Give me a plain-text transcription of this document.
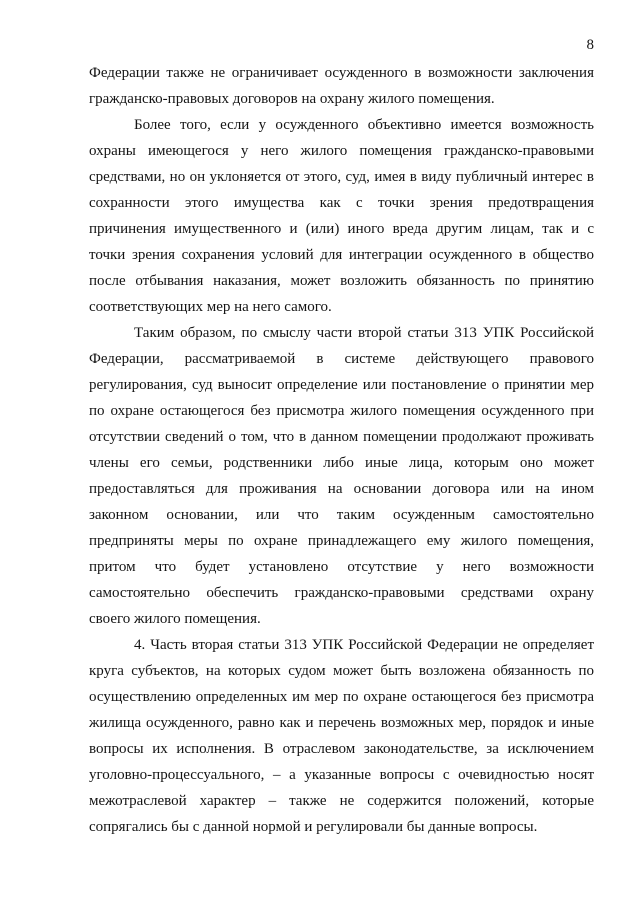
8

Федерации также не ограничивает осужденного в возможности заключения

гражданско-правовых договоров на охрану жилого помещения.

Более того, если у осужденного объективно имеется возможность

охраны имеющегося у него жилого помещения гражданско-правовыми

средствами, но он уклоняется от этого, суд, имея в виду публичный интерес в

сохранности этого имущества как с точки зрения предотвращения

причинения имущественного и (или) иного вреда другим лицам, так и с

точки зрения сохранения условий для интеграции осужденного в общество

после отбывания наказания, может возложить обязанность по принятию

соответствующих мер на него самого.

Таким образом, по смыслу части второй статьи 313 УПК Российской

Федерации, рассматриваемой в системе действующего правового

регулирования, суд выносит определение или постановление о принятии мер

по охране остающегося без присмотра жилого помещения осужденного при

отсутствии сведений о том, что в данном помещении продолжают проживать

члены его семьи, родственники либо иные лица, которым оно может

предоставляться для проживания на основании договора или на ином

законном основании, или что таким осужденным самостоятельно

предприняты меры по охране принадлежащего ему жилого помещения,

притом что будет установлено отсутствие у него возможности

самостоятельно обеспечить гражданско-правовыми средствами охрану

своего жилого помещения.

4. Часть вторая статьи 313 УПК Российской Федерации не определяет

круга субъектов, на которых судом может быть возложена обязанность по

осуществлению определенных им мер по охране остающегося без присмотра

жилища осужденного, равно как и перечень возможных мер, порядок и иные

вопросы их исполнения. В отраслевом законодательстве, за исключением

уголовно-процессуального, – а указанные вопросы с очевидностью носят

межотраслевой характер – также не содержится положений, которые

сопрягались бы с данной нормой и регулировали бы данные вопросы.
